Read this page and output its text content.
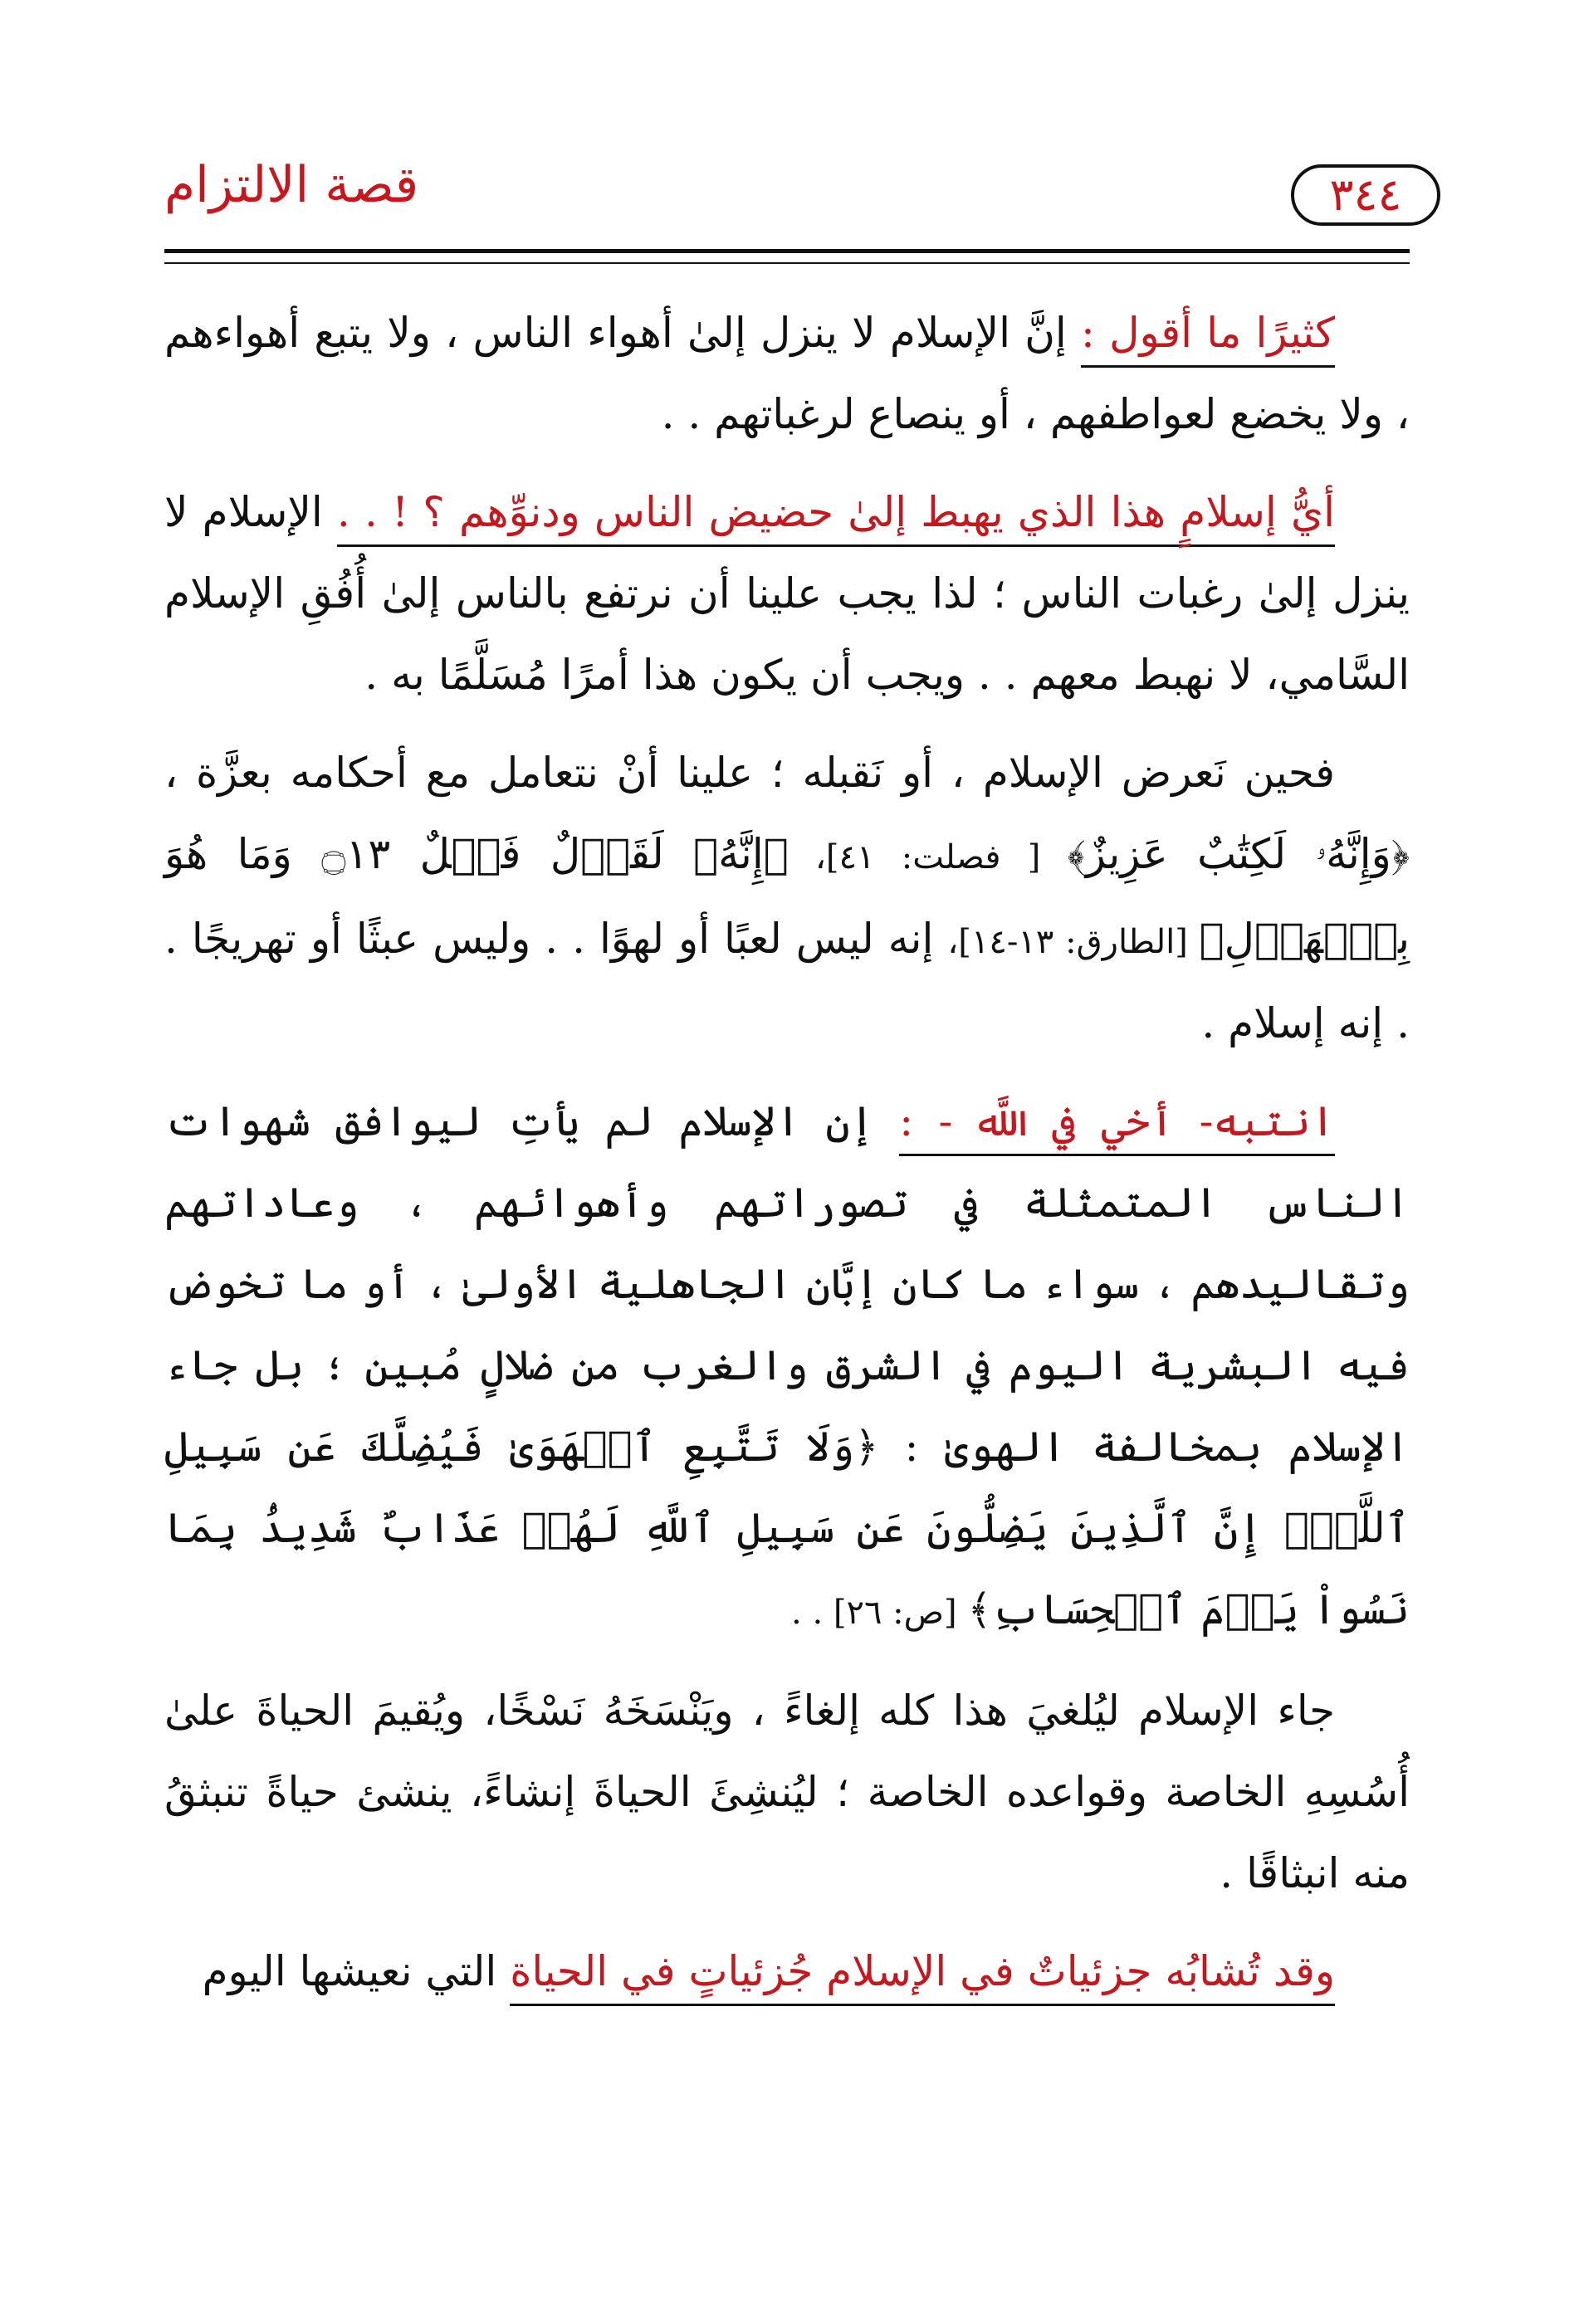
قصة الالتزام	٣٤٤

كثيرًا ما أقول : إنَّ الإسلام لا ينزل إلىٰ أهواء الناس ، ولا يتبع أهواءهم ، ولا يخضع لعواطفهم ، أو ينصاع لرغباتهم . .

أيُّ إسلامٍ هذا الذي يهبط إلىٰ حضيض الناس ودنوِّهم ؟ ! . . الإسلام لا ينزل إلىٰ رغبات الناس ؛ لذا يجب علينا أن نرتفع بالناس إلىٰ أُفُقِ الإسلام السَّامي، لا نهبط معهم . . ويجب أن يكون هذا أمرًا مُسَلَّمًا به .

فحين نَعرض الإسلام ، أو نَقبله ؛ علينا أنْ نتعامل مع أحكامه بعزَّة ، ﴿وَإِنَّهُۥ لَكِتَٰبٌ عَزِيزٌ﴾ [ فصلت: ٤١]، ﴿إِنَّهُۥ لَقَوۡلٌ فَصۡلٌ ۝١٣ وَمَا هُوَ بِٱلۡهَزۡلِ﴾ [الطارق: ١٣-١٤]، إنه ليس لعبًا أو لهوًا . . وليس عبثًا أو تهريجًا . . إنه إسلام .

انتبه- أخي في اللَّه - : إن الإسلام لم يأتِ ليوافق شهوات الناس المتمثلة في تصوراتهم وأهوائهم ، وعاداتهم وتقاليدهم ، سواء ما كان إبَّان الجاهلية الأولىٰ ، أو ما تخوض فيه البشرية اليوم في الشرق والغرب من ضلالٍ مُبين ؛ بل جاء الإسلام بمخالفة الهوىٰ : ﴿وَلَا تَتَّبِعِ ٱلۡهَوَىٰ فَيُضِلَّكَ عَن سَبِيلِ ٱللَّهِۚ إِنَّ ٱلَّذِينَ يَضِلُّونَ عَن سَبِيلِ ٱللَّهِ لَهُمۡ عَذَابٌ شَدِيدُۢ بِمَا نَسُواْ يَوۡمَ ٱلۡحِسَابِ﴾ [ص: ٢٦] . .

جاء الإسلام ليُلغيَ هذا كله إلغاءً ، ويَنْسَخَهُ نَسْخًا، ويُقيمَ الحياةَ علىٰ أُسُسِهِ الخاصة وقواعده الخاصة ؛ ليُنشِئَ الحياةَ إنشاءً، ينشئ حياةً تنبثقُ منه انبثاقًا .

وقد تُشابُه جزئياتٌ في الإسلام جُزئياتٍ في الحياة التي نعيشها اليوم
